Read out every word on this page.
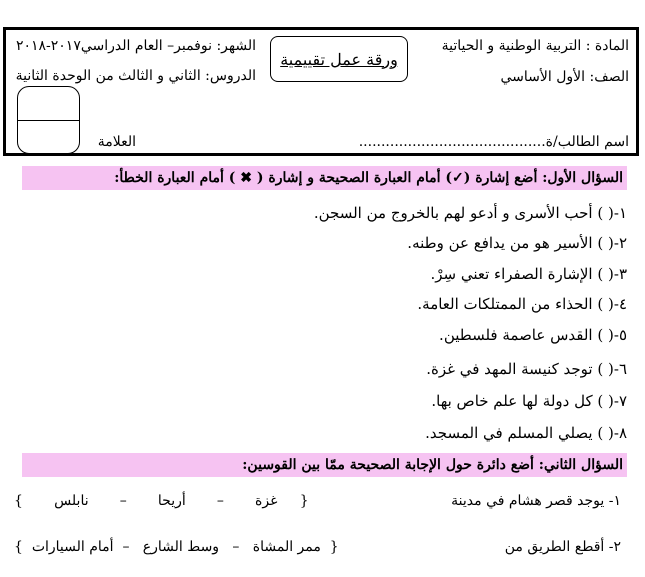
المادة : التربية الوطنية و الحياتية
الصف: الأول الأساسي
الشهر: نوفمبر– العام الدراسي٢٠١٧-٢٠١٨
الدروس: الثاني و الثالث من الوحدة الثانية
ورقة عمل تقييمية
اسم الطالب/ة..........................................
العلامة
السؤال الأول: أضع إشارة (✓) أمام العبارة الصحيحة و إشارة ( ✖ ) أمام العبارة الخطأ:
١-( ) أحب الأسرى و أدعو لهم بالخروج من السجن.
٢-( ) الأسير هو من يدافع عن وطنه.
٣-( ) الإشارة الصفراء تعني سِرْ.
٤-( ) الحذاء من الممتلكات العامة.
٥-( ) القدس عاصمة فلسطين.
٦-( ) توجد كنيسة المهد في غزة.
٧-( ) كل دولة لها علم خاص بها.
٨-( ) يصلي المسلم في المسجد.
السؤال الثاني: أضع دائرة حول الإجابة الصحيحة ممّا بين القوسين:
١- يوجد قصر هشام في مدينة
{       غزة       –       أريحا       –       نابلس     }
٢- أقطع الطريق من
{  ممر المشاة   –   وسط الشارع   –  أمام السيارات  }
